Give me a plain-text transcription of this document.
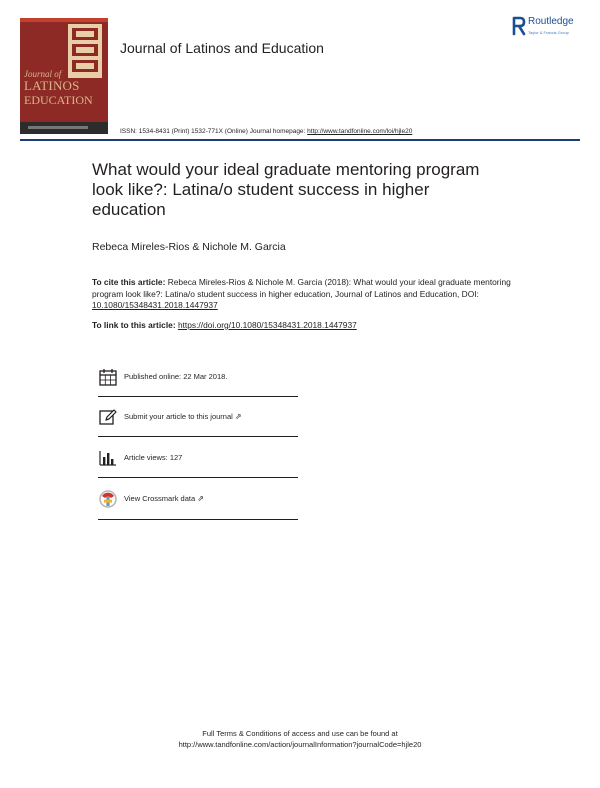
Journal of
LATINOS
EDUCATION
Journal of Latinos and Education
Routledge
Taylor & Francis Group
ISSN: 1534-8431 (Print) 1532-771X (Online) Journal homepage: http://www.tandfonline.com/loi/hjle20
What would your ideal graduate mentoring program look like?: Latina/o student success in higher education
Rebeca Mireles-Rios & Nichole M. Garcia
To cite this article: Rebeca Mireles-Rios & Nichole M. Garcia (2018): What would your ideal graduate mentoring program look like?: Latina/o student success in higher education, Journal of Latinos and Education, DOI: 10.1080/15348431.2018.1447937
To link to this article: https://doi.org/10.1080/15348431.2018.1447937
Published online: 22 Mar 2018.
Submit your article to this journal ⇗
Article views: 127
View Crossmark data ⇗
Full Terms & Conditions of access and use can be found at
http://www.tandfonline.com/action/journalInformation?journalCode=hjle20
